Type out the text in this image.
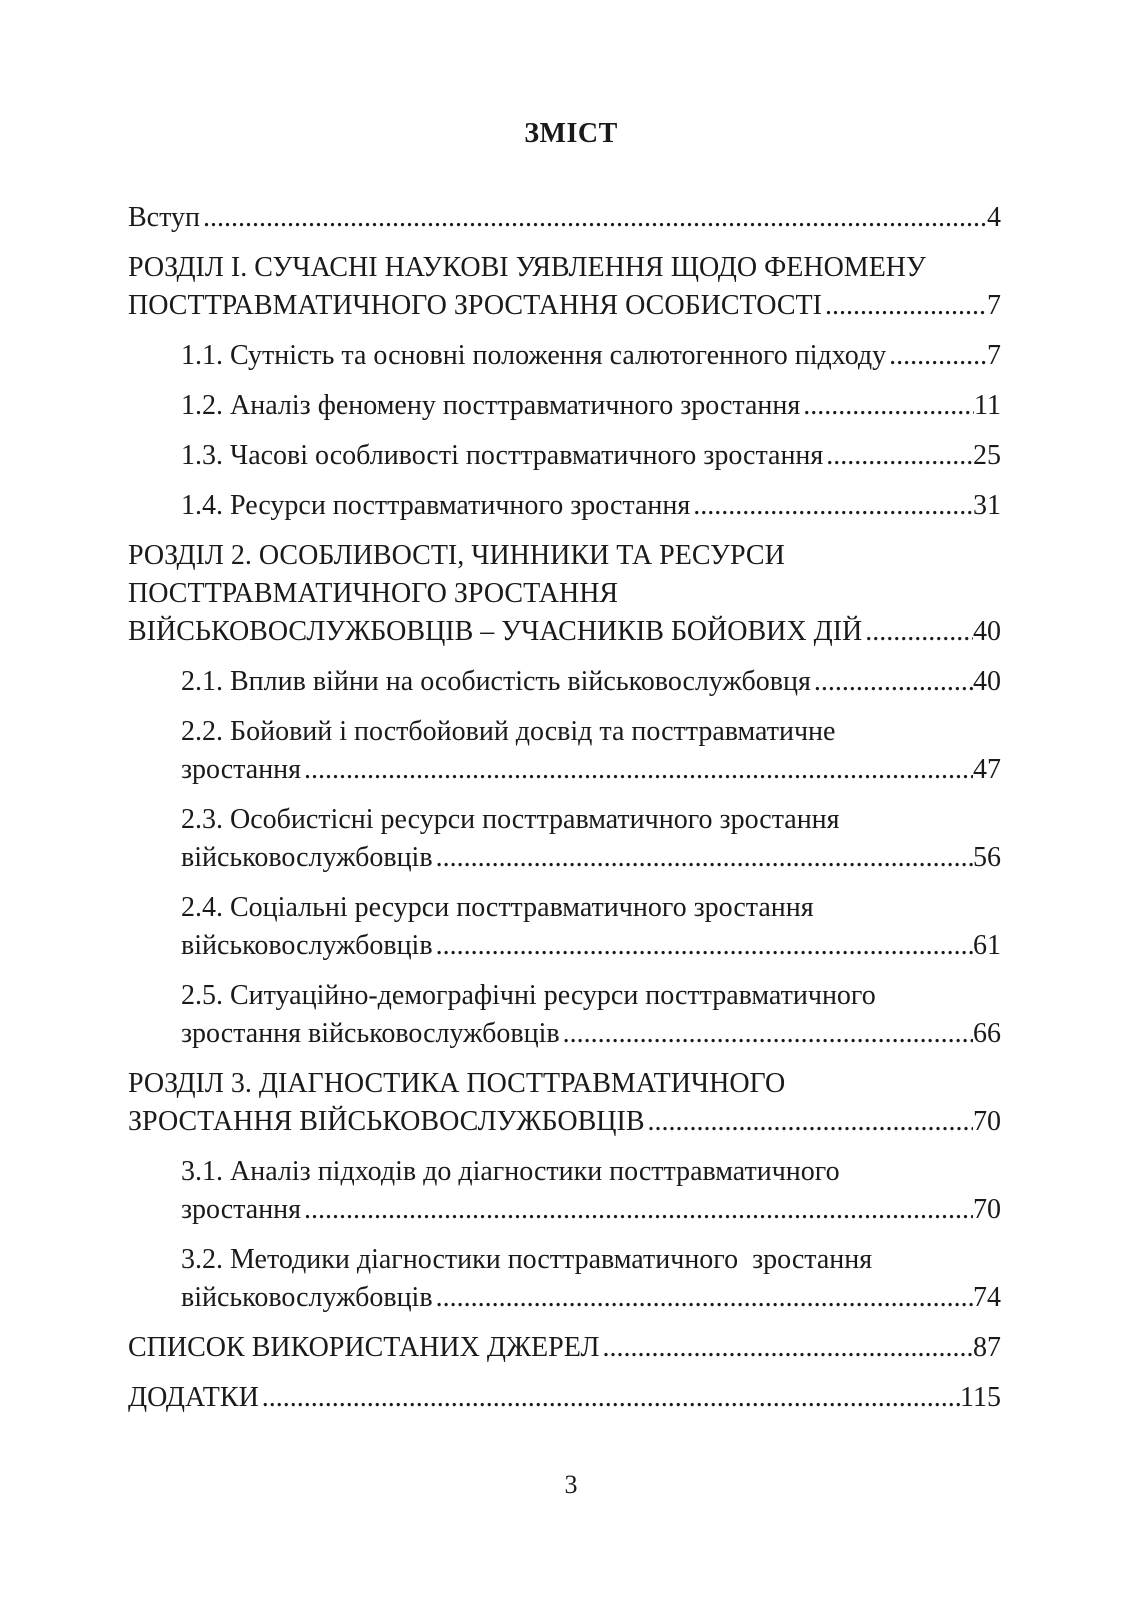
ЗМІСТ
Вступ .....	4
РОЗДІЛ І. СУЧАСНІ НАУКОВІ УЯВЛЕННЯ ЩОДО ФЕНОМЕНУ
ПОСТТРАВМАТИЧНОГО ЗРОСТАННЯ ОСОБИСТОСТІ .....	7
1.1. Сутність та основні положення салютогенного підходу .....	7
1.2. Аналіз феномену посттравматичного зростання .....	11
1.3. Часові особливості посттравматичного зростання .....	25
1.4. Ресурси посттравматичного зростання .....	31
РОЗДІЛ 2. ОСОБЛИВОСТІ, ЧИННИКИ ТА РЕСУРСИ
ПОСТТРАВМАТИЧНОГО ЗРОСТАННЯ
ВІЙСЬКОВОСЛУЖБОВЦІВ – УЧАСНИКІВ БОЙОВИХ ДІЙ .....	40
2.1. Вплив війни на особистість військовослужбовця .....	40
2.2. Бойовий і постбойовий досвід та посттравматичне
зростання .....	47
2.3. Особистісні ресурси посттравматичного зростання
військовослужбовців .....	56
2.4. Соціальні ресурси посттравматичного зростання
військовослужбовців .....	61
2.5. Ситуаційно-демографічні ресурси посттравматичного
зростання військовослужбовців .....	66
РОЗДІЛ 3. ДІАГНОСТИКА ПОСТТРАВМАТИЧНОГО
ЗРОСТАННЯ ВІЙСЬКОВОСЛУЖБОВЦІВ .....	70
3.1. Аналіз підходів до діагностики посттравматичного
зростання .....	70
3.2. Методики діагностики посттравматичного  зростання
військовослужбовців .....	74
СПИСОК ВИКОРИСТАНИХ ДЖЕРЕЛ .....	87
ДОДАТКИ .....	115
3
